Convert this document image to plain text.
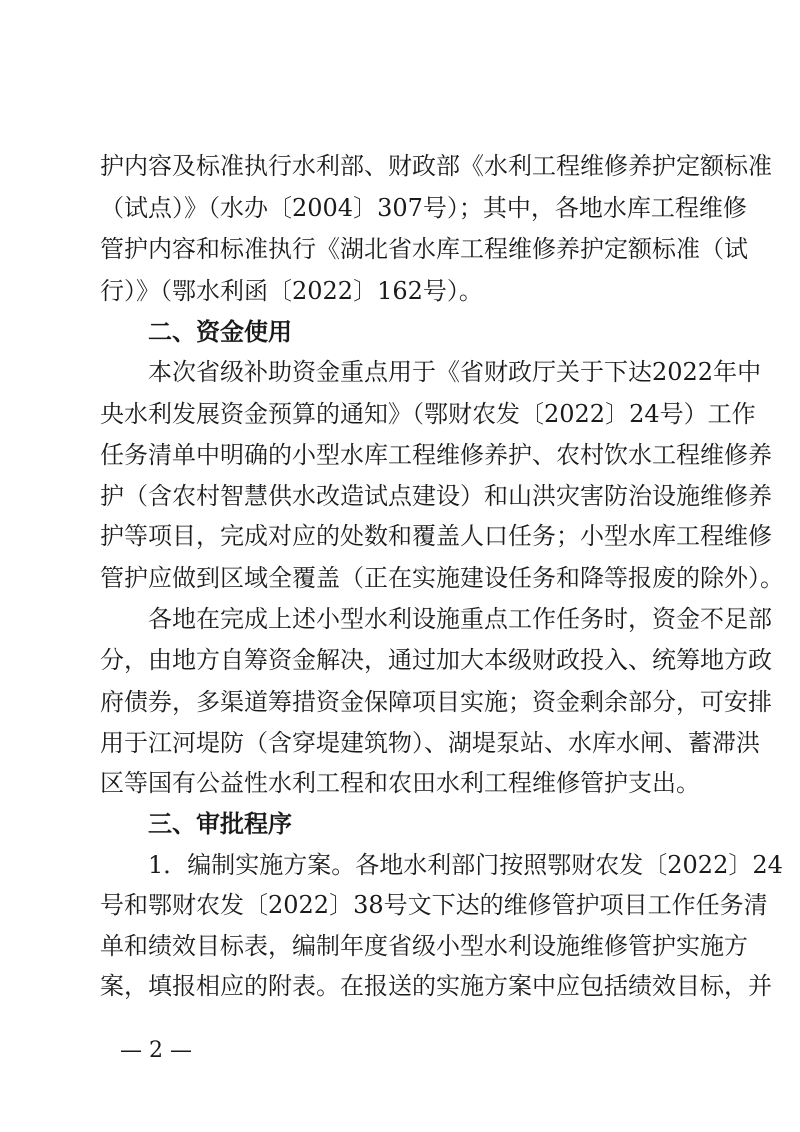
护内容及标准执行水利部、财政部《水利工程维修养护定额标准
（试点）》（水办〔2004〕307号）；其中，各地水库工程维修
管护内容和标准执行《湖北省水库工程维修养护定额标准（试
行）》（鄂水利函〔2022〕162号）。
二、资金使用
本次省级补助资金重点用于《省财政厅关于下达2022年中
央水利发展资金预算的通知》（鄂财农发〔2022〕24号）工作
任务清单中明确的小型水库工程维修养护、农村饮水工程维修养
护（含农村智慧供水改造试点建设）和山洪灾害防治设施维修养
护等项目，完成对应的处数和覆盖人口任务；小型水库工程维修
管护应做到区域全覆盖（正在实施建设任务和降等报废的除外）。
各地在完成上述小型水利设施重点工作任务时，资金不足部
分，由地方自筹资金解决，通过加大本级财政投入、统筹地方政
府债券，多渠道筹措资金保障项目实施；资金剩余部分，可安排
用于江河堤防（含穿堤建筑物）、湖堤泵站、水库水闸、蓄滞洪
区等国有公益性水利工程和农田水利工程维修管护支出。
三、审批程序
1．编制实施方案。各地水利部门按照鄂财农发〔2022〕24
号和鄂财农发〔2022〕38号文下达的维修管护项目工作任务清
单和绩效目标表，编制年度省级小型水利设施维修管护实施方
案，填报相应的附表。在报送的实施方案中应包括绩效目标，并
— 2 —
